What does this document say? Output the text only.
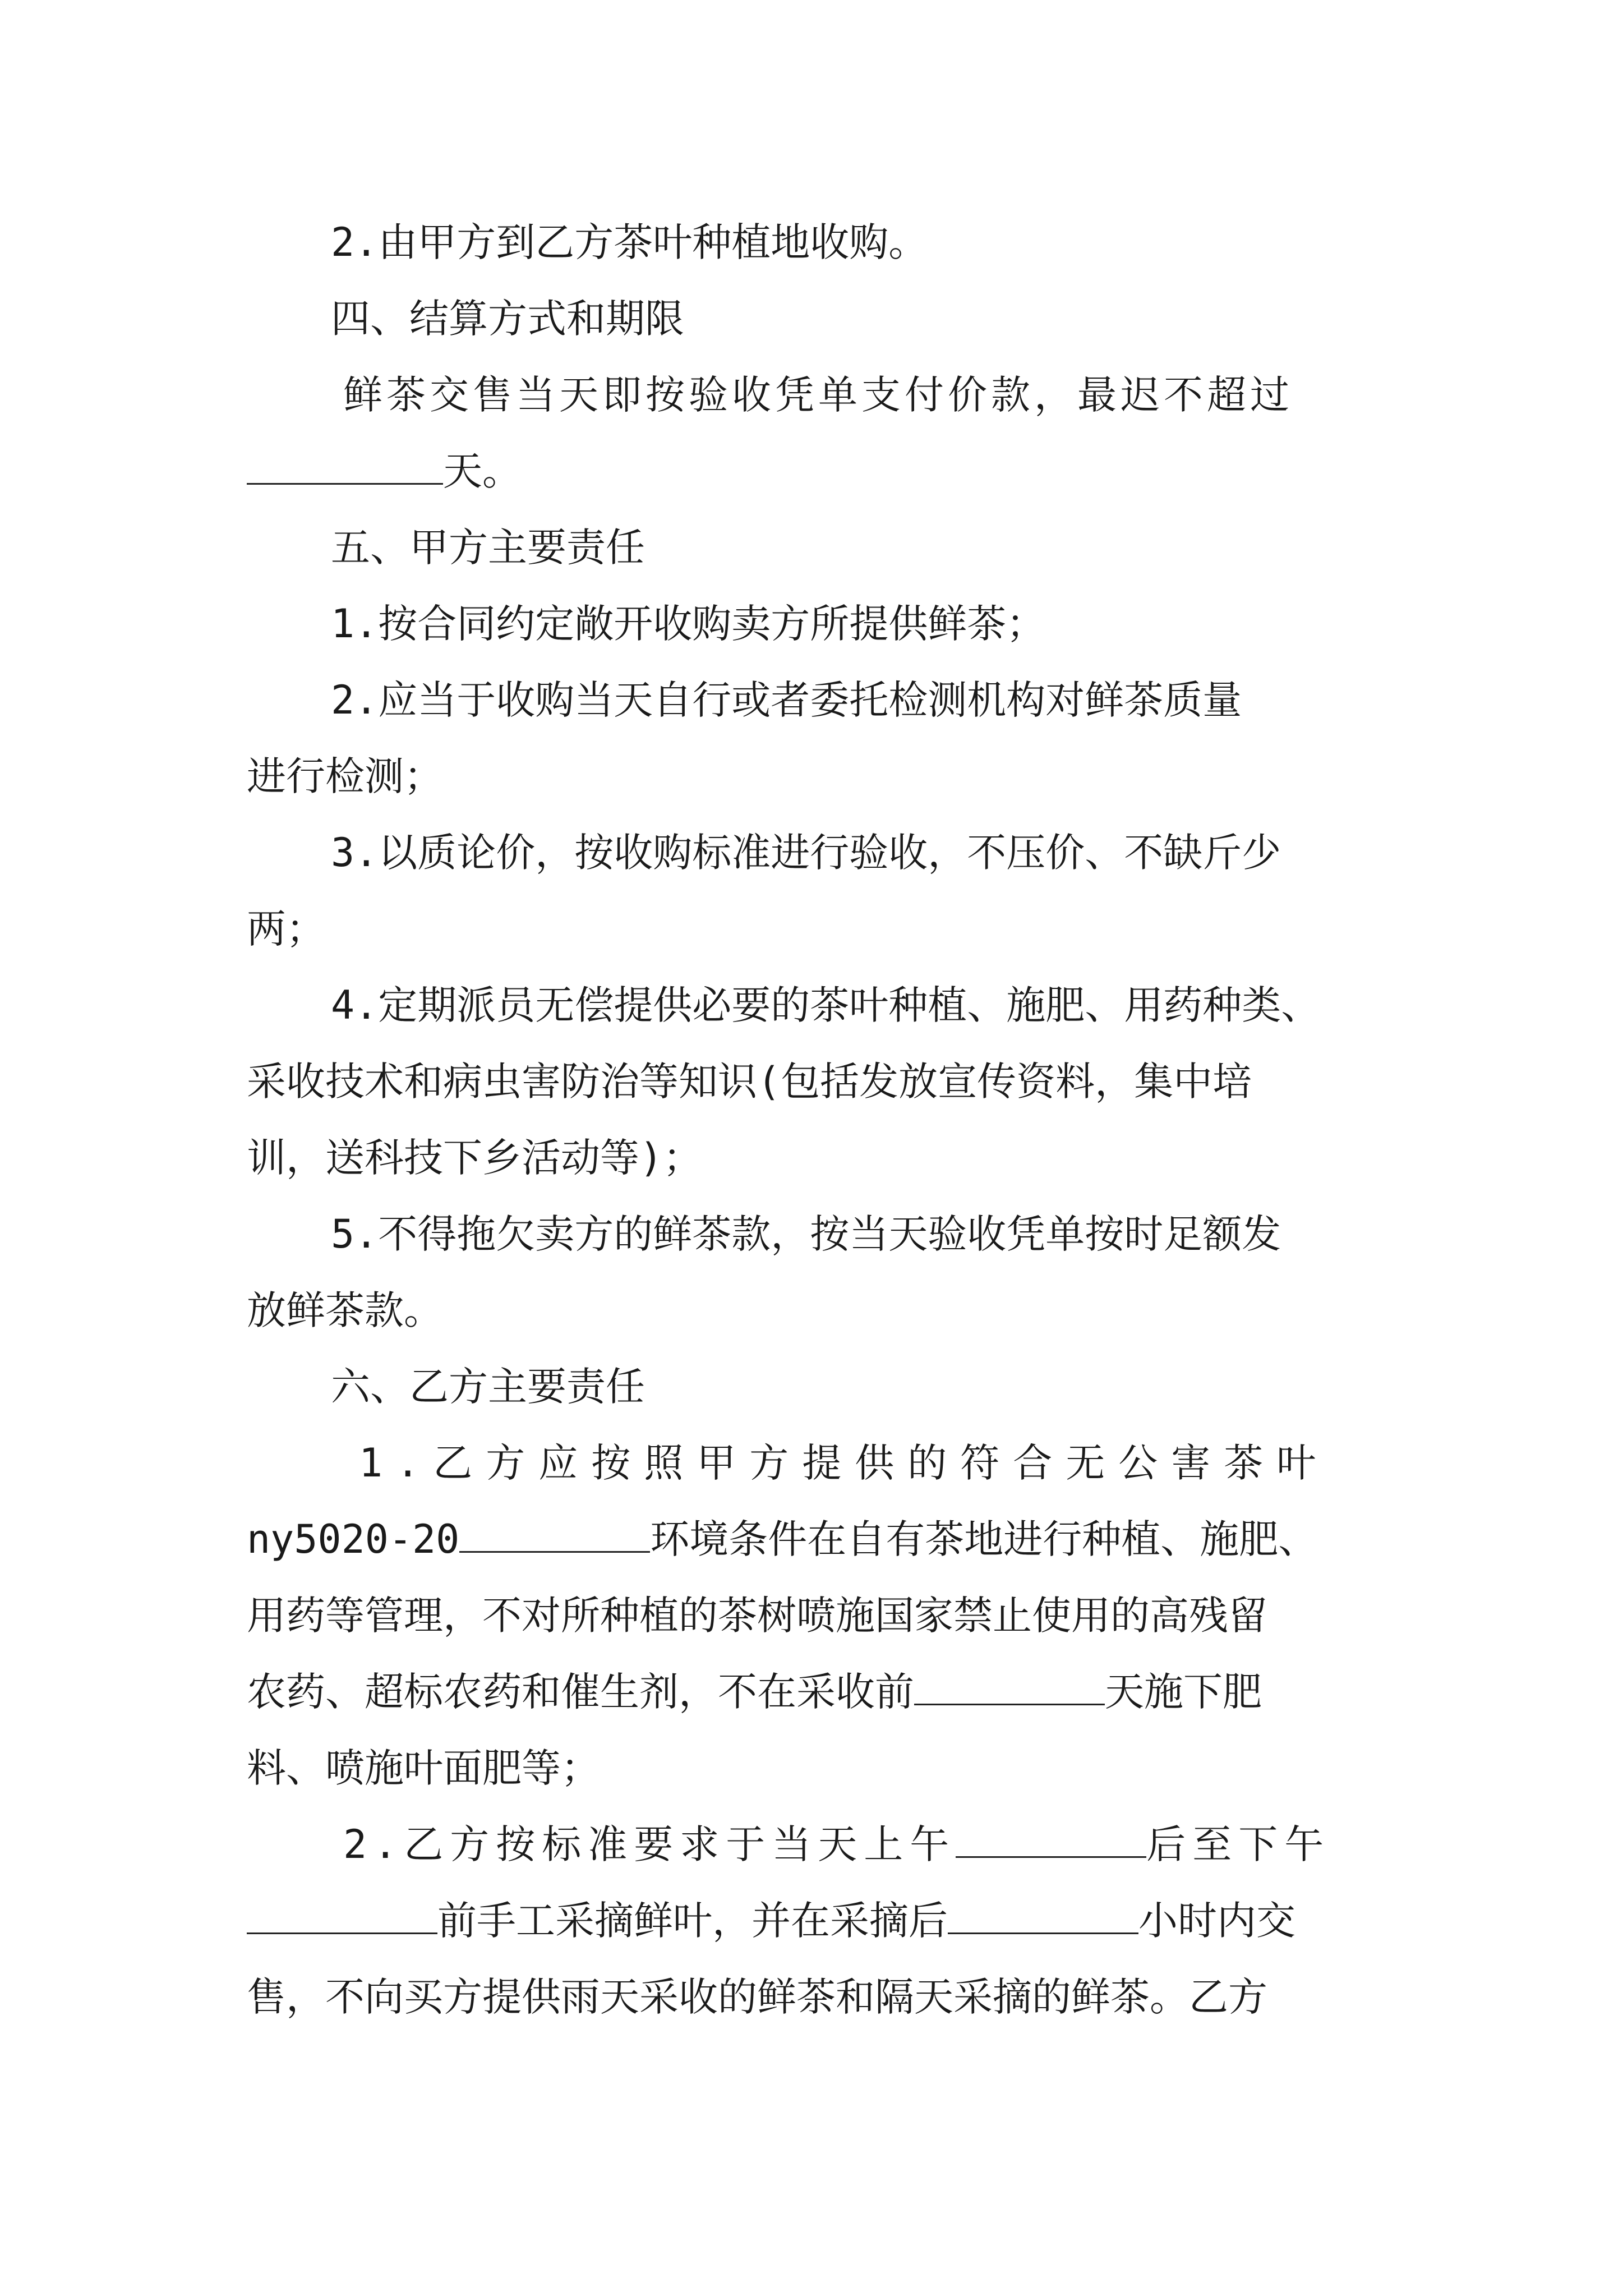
2.由甲方到乙方茶叶种植地收购。
四、结算方式和期限
鲜茶交售当天即按验收凭单支付价款，最迟不超过
天。
五、甲方主要责任
1.按合同约定敞开收购卖方所提供鲜茶；
2.应当于收购当天自行或者委托检测机构对鲜茶质量
进行检测；
3.以质论价，按收购标准进行验收，不压价、不缺斤少
两；
4.定期派员无偿提供必要的茶叶种植、施肥、用药种类、
采收技术和病虫害防治等知识(包括发放宣传资料，集中培
训，送科技下乡活动等)；
5.不得拖欠卖方的鲜茶款，按当天验收凭单按时足额发
放鲜茶款。
六、乙方主要责任
1.乙方应按照甲方提供的符合无公害茶叶
ny5020-20	环境条件在自有茶地进行种植、施肥、
用药等管理，不对所种植的茶树喷施国家禁止使用的高残留
农药、超标农药和催生剂，不在采收前	天施下肥
料、喷施叶面肥等；
2.乙方按标准要求于当天上午	后至下午
前手工采摘鲜叶，并在采摘后	小时内交
售，不向买方提供雨天采收的鲜茶和隔天采摘的鲜茶。乙方
